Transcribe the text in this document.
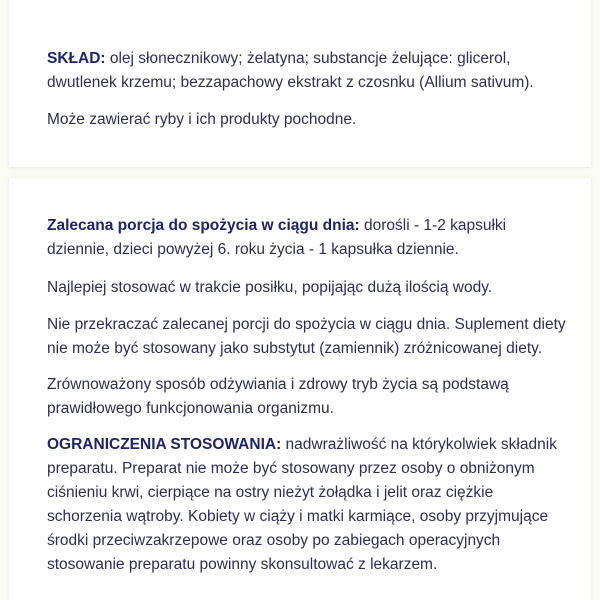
SKŁAD: olej słonecznikowy; żelatyna; substancje żelujące: glicerol, dwutlenek krzemu; bezzapachowy ekstrakt z czosnku (Allium sativum).

Może zawierać ryby i ich produkty pochodne.

Zalecana porcja do spożycia w ciągu dnia: dorośli - 1-2 kapsułki dziennie, dzieci powyżej 6. roku życia - 1 kapsułka dziennie.

Najlepiej stosować w trakcie posiłku, popijając dużą ilością wody.

Nie przekraczać zalecanej porcji do spożycia w ciągu dnia. Suplement diety nie może być stosowany jako substytut (zamiennik) zróżnicowanej diety.

Zrównoważony sposób odżywiania i zdrowy tryb życia są podstawą prawidłowego funkcjonowania organizmu.

OGRANICZENIA STOSOWANIA: nadwrażliwość na którykolwiek składnik preparatu. Preparat nie może być stosowany przez osoby o obniżonym ciśnieniu krwi, cierpiące na ostry nieżyt żołądka i jelit oraz ciężkie schorzenia wątroby. Kobiety w ciąży i matki karmiące, osoby przyjmujące środki przeciwzakrzepowe oraz osoby po zabiegach operacyjnych stosowanie preparatu powinny skonsultować z lekarzem.
